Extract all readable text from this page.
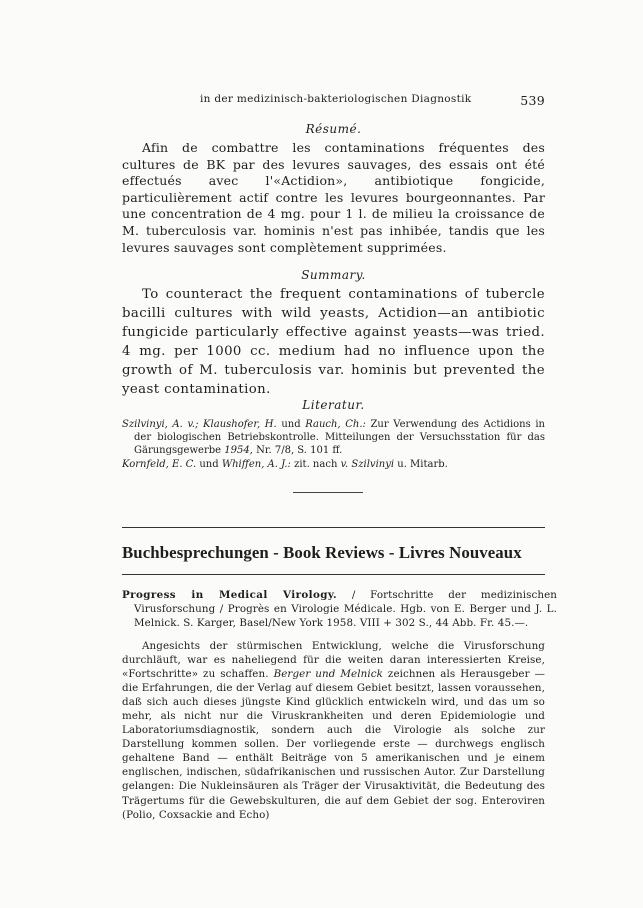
in der medizinisch-bakteriologischen Diagnostik	539
Résumé.

Afin de combattre les contaminations fréquentes des cultures de BK par des levures sauvages, des essais ont été effectués avec l'«Actidion», antibiotique fongicide, particulièrement actif contre les levures bourgeonnantes. Par une concentration de 4 mg. pour 1 l. de milieu la croissance de M. tuberculosis var. hominis n'est pas inhibée, tandis que les levures sauvages sont complètement supprimées.

Summary.

To counteract the frequent contaminations of tubercle bacilli cultures with wild yeasts, Actidion—an antibiotic fungicide particularly effective against yeasts—was tried. 4 mg. per 1000 cc. medium had no influence upon the growth of M. tuberculosis var. hominis but prevented the yeast contamination.

Literatur.
Szilvinyi, A. v.; Klaushofer, H. und Rauch, Ch.: Zur Verwendung des Actidions in der biologischen Betriebskontrolle. Mitteilungen der Versuchsstation für das Gärungsgewerbe 1954, Nr. 7/8, S. 101 ff.
Kornfeld, E. C. und Whiffen, A. J.: zit. nach v. Szilvinyi u. Mitarb.
Buchbesprechungen - Book Reviews - Livres Nouveaux

Progress in Medical Virology. / Fortschritte der medizinischen Virusforschung / Progrès en Virologie Médicale. Hgb. von E. Berger und J. L. Melnick. S. Karger, Basel/New York 1958. VIII + 302 S., 44 Abb. Fr. 45.—.

Angesichts der stürmischen Entwicklung, welche die Virusforschung durchläuft, war es naheliegend für die weiten daran interessierten Kreise, «Fortschritte» zu schaffen. Berger und Melnick zeichnen als Herausgeber — die Erfahrungen, die der Verlag auf diesem Gebiet besitzt, lassen voraussehen, daß sich auch dieses jüngste Kind glücklich entwickeln wird, und das um so mehr, als nicht nur die Viruskrankheiten und deren Epidemiologie und Laboratoriumsdiagnostik, sondern auch die Virologie als solche zur Darstellung kommen sollen. Der vorliegende erste — durchwegs englisch gehaltene Band — enthält Beiträge von 5 amerikanischen und je einem englischen, indischen, südafrikanischen und russischen Autor. Zur Darstellung gelangen: Die Nukleinsäuren als Träger der Virusaktivität, die Bedeutung des Trägertums für die Gewebskulturen, die auf dem Gebiet der sog. Enteroviren (Polio, Coxsackie and Echo)
